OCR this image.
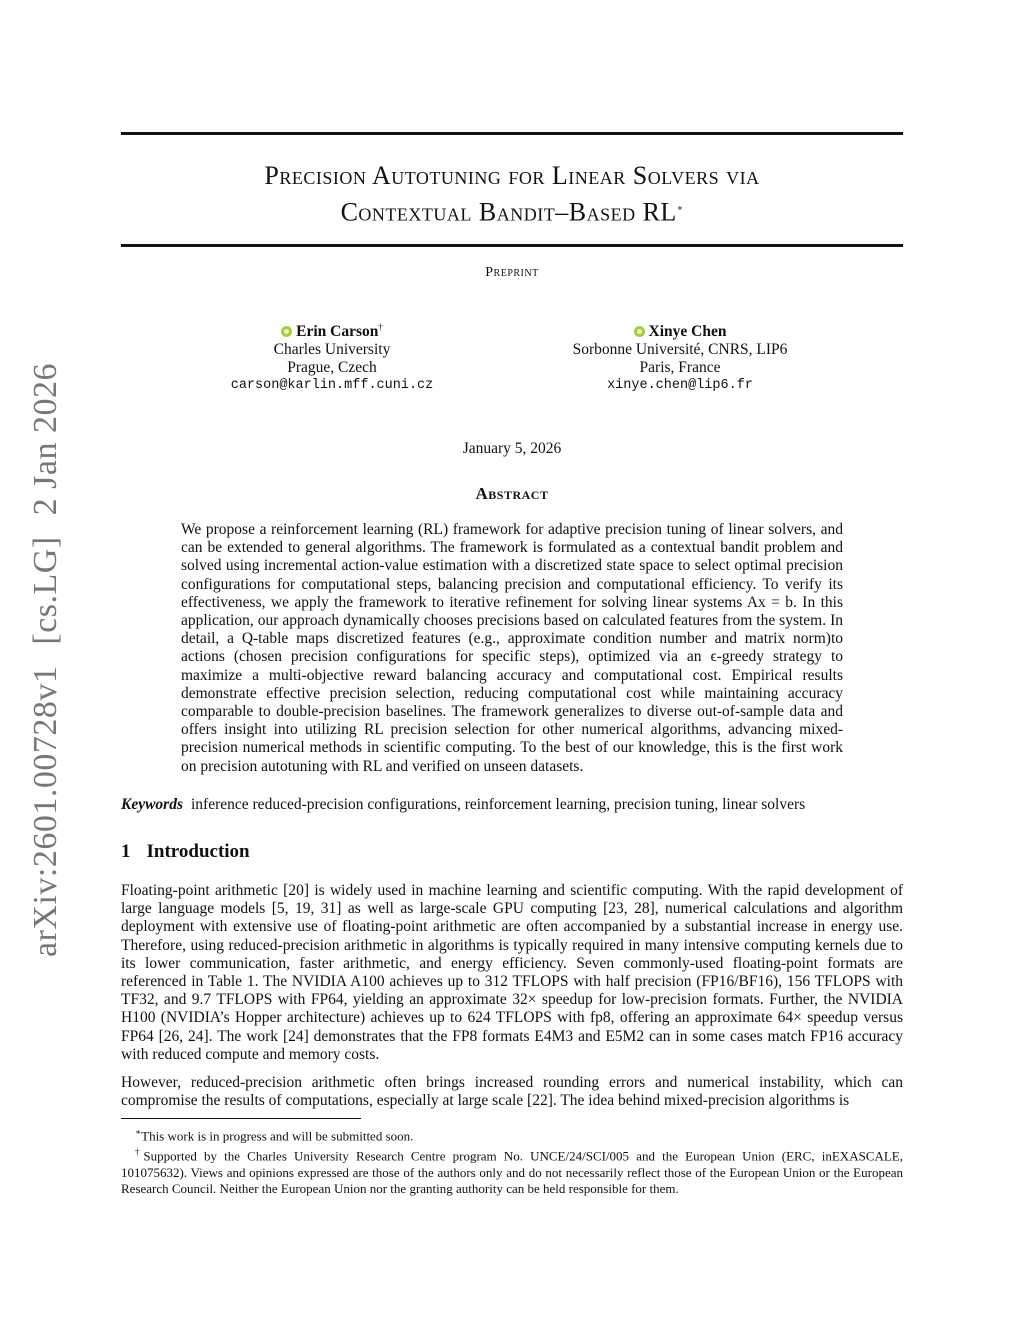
arXiv:2601.00728v1 [cs.LG] 2 Jan 2026
Precision Autotuning for Linear Solvers via
Contextual Bandit–Based RL∗
Preprint
Erin Carson†
Charles University
Prague, Czech
carson@karlin.mff.cuni.cz
Xinye Chen
Sorbonne Université, CNRS, LIP6
Paris, France
xinye.chen@lip6.fr
January 5, 2026
Abstract
We propose a reinforcement learning (RL) framework for adaptive precision tuning of linear solvers, and can be extended to general algorithms. The framework is formulated as a contextual bandit problem and solved using incremental action-value estimation with a discretized state space to select optimal precision configurations for computational steps, balancing precision and computational efficiency. To verify its effectiveness, we apply the framework to iterative refinement for solving linear systems Ax = b. In this application, our approach dynamically chooses precisions based on calculated features from the system. In detail, a Q-table maps discretized features (e.g., approximate condition number and matrix norm)to actions (chosen precision configurations for specific steps), optimized via an ϵ-greedy strategy to maximize a multi-objective reward balancing accuracy and computational cost. Empirical results demonstrate effective precision selection, reducing computational cost while maintaining accuracy comparable to double-precision baselines. The framework generalizes to diverse out-of-sample data and offers insight into utilizing RL precision selection for other numerical algorithms, advancing mixed-precision numerical methods in scientific computing. To the best of our knowledge, this is the first work on precision autotuning with RL and verified on unseen datasets.
Keywords inference reduced-precision configurations, reinforcement learning, precision tuning, linear solvers
1 Introduction
Floating-point arithmetic [20] is widely used in machine learning and scientific computing. With the rapid development of large language models [5, 19, 31] as well as large-scale GPU computing [23, 28], numerical calculations and algorithm deployment with extensive use of floating-point arithmetic are often accompanied by a substantial increase in energy use. Therefore, using reduced-precision arithmetic in algorithms is typically required in many intensive computing kernels due to its lower communication, faster arithmetic, and energy efficiency. Seven commonly-used floating-point formats are referenced in Table 1. The NVIDIA A100 achieves up to 312 TFLOPS with half precision (FP16/BF16), 156 TFLOPS with TF32, and 9.7 TFLOPS with FP64, yielding an approximate 32× speedup for low-precision formats. Further, the NVIDIA H100 (NVIDIA’s Hopper architecture) achieves up to 624 TFLOPS with fp8, offering an approximate 64× speedup versus FP64 [26, 24]. The work [24] demonstrates that the FP8 formats E4M3 and E5M2 can in some cases match FP16 accuracy with reduced compute and memory costs.
However, reduced-precision arithmetic often brings increased rounding errors and numerical instability, which can compromise the results of computations, especially at large scale [22]. The idea behind mixed-precision algorithms is

∗This work is in progress and will be submitted soon.

†Supported by the Charles University Research Centre program No. UNCE/24/SCI/005 and the European Union (ERC, inEXASCALE, 101075632). Views and opinions expressed are those of the authors only and do not necessarily reflect those of the European Union or the European Research Council. Neither the European Union nor the granting authority can be held responsible for them.
